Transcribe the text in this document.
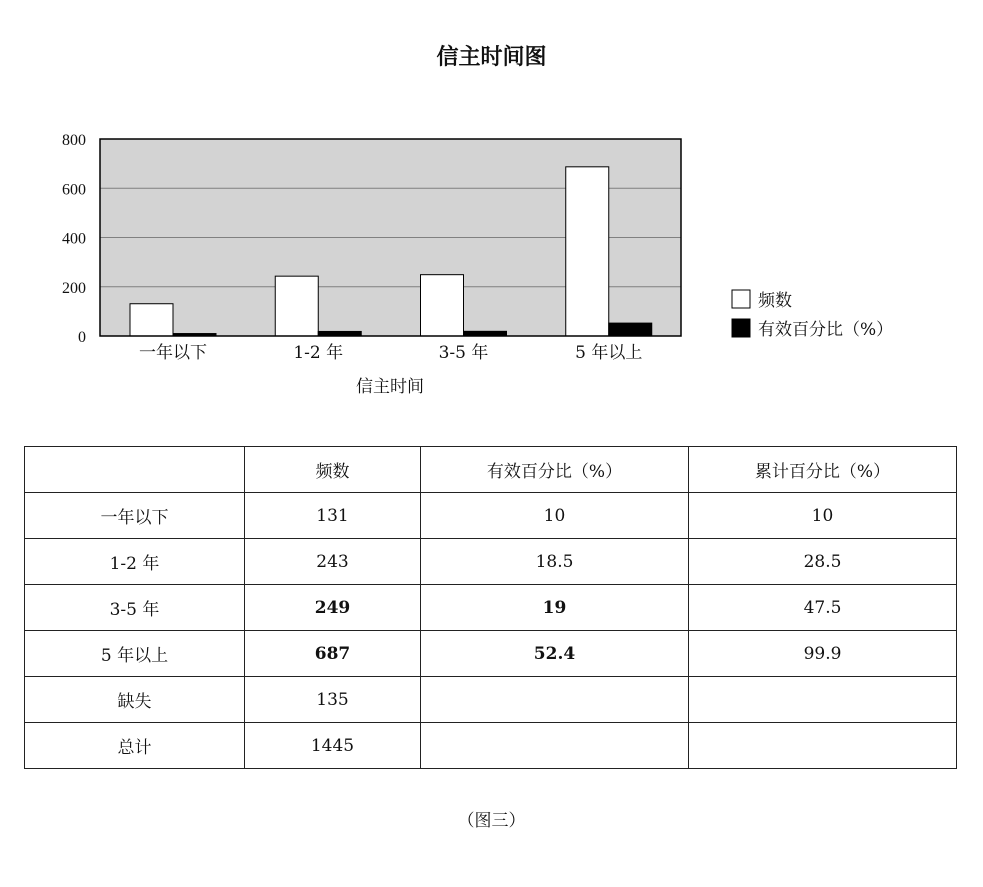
信主时间图
0
200
400
600
800
一年以下	1-2 年	3-5 年	5 年以上
信主时间
频数
有效百分比（%）
	频数	有效百分比（%）	累计百分比（%）
一年以下	131	10	10
1-2 年	243	18.5	28.5
3-5 年	249	19	47.5
5 年以上	687	52.4	99.9
缺失	135		
总计	1445		
（图三）
